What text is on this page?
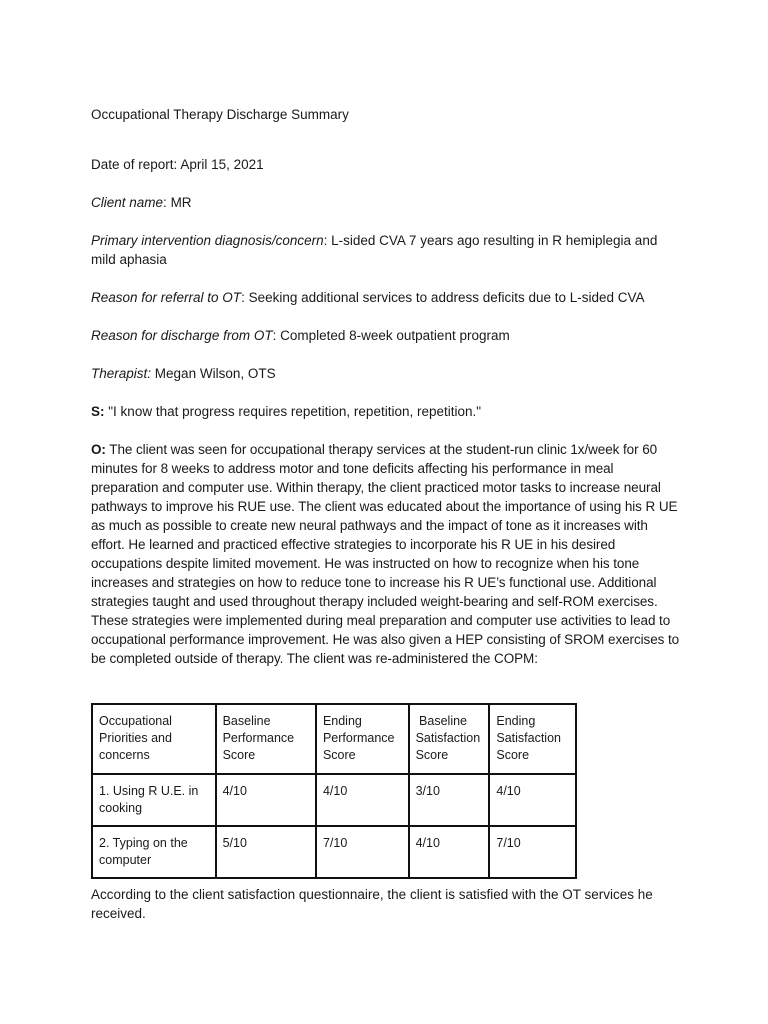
Occupational Therapy Discharge Summary

Date of report: April 15, 2021

Client name: MR

Primary intervention diagnosis/concern: L-sided CVA 7 years ago resulting in R hemiplegia and mild aphasia

Reason for referral to OT: Seeking additional services to address deficits due to L-sided CVA

Reason for discharge from OT: Completed 8-week outpatient program

Therapist: Megan Wilson, OTS

S: "I know that progress requires repetition, repetition, repetition."

O: The client was seen for occupational therapy services at the student-run clinic 1x/week for 60 minutes for 8 weeks to address motor and tone deficits affecting his performance in meal preparation and computer use. Within therapy, the client practiced motor tasks to increase neural pathways to improve his RUE use. The client was educated about the importance of using his R UE as much as possible to create new neural pathways and the impact of tone as it increases with effort. He learned and practiced effective strategies to incorporate his R UE in his desired occupations despite limited movement. He was instructed on how to recognize when his tone increases and strategies on how to reduce tone to increase his R UE’s functional use. Additional strategies taught and used throughout therapy included weight-bearing and self-ROM exercises. These strategies were implemented during meal preparation and computer use activities to lead to occupational performance improvement. He was also given a HEP consisting of SROM exercises to be completed outside of therapy. The client was re-administered the COPM:

Occupational Priorities and concerns	Baseline Performance Score	Ending Performance Score	Baseline Satisfaction Score	Ending Satisfaction Score
1. Using R U.E. in cooking	4/10	4/10	3/10	4/10
2. Typing on the computer	5/10	7/10	4/10	7/10

According to the client satisfaction questionnaire, the client is satisfied with the OT services he received.
